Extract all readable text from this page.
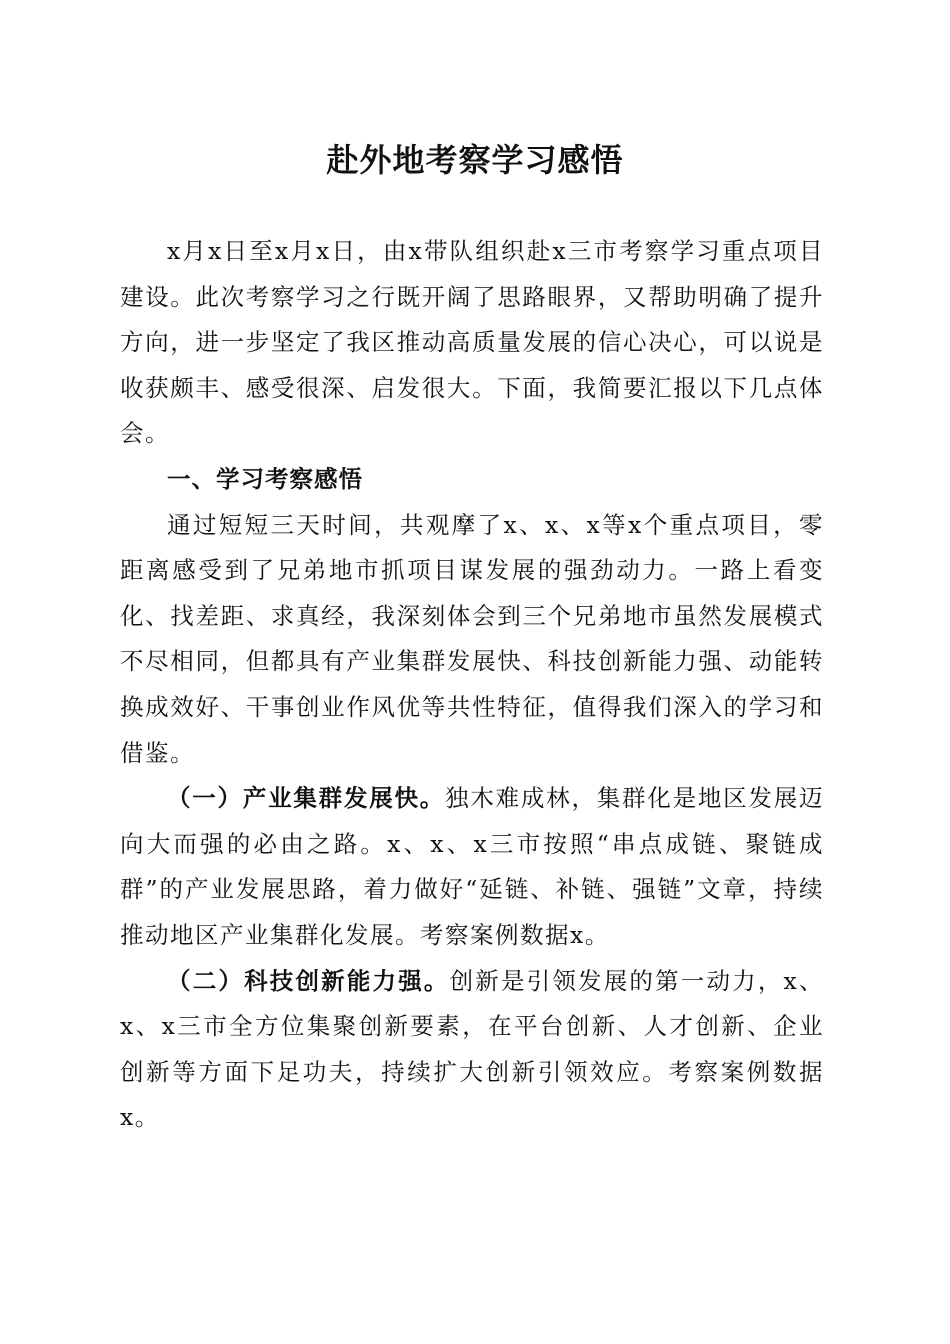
赴外地考察学习感悟

x月x日至x月x日，由x带队组织赴x三市考察学习重点项目建设。此次考察学习之行既开阔了思路眼界，又帮助明确了提升方向，进一步坚定了我区推动高质量发展的信心决心，可以说是收获颇丰、感受很深、启发很大。下面，我简要汇报以下几点体会。

一、学习考察感悟

通过短短三天时间，共观摩了x、x、x等x个重点项目，零距离感受到了兄弟地市抓项目谋发展的强劲动力。一路上看变化、找差距、求真经，我深刻体会到三个兄弟地市虽然发展模式不尽相同，但都具有产业集群发展快、科技创新能力强、动能转换成效好、干事创业作风优等共性特征，值得我们深入的学习和借鉴。

（一）产业集群发展快。独木难成林，集群化是地区发展迈向大而强的必由之路。x、x、x三市按照“串点成链、聚链成群”的产业发展思路，着力做好“延链、补链、强链”文章，持续推动地区产业集群化发展。考察案例数据x。

（二）科技创新能力强。创新是引领发展的第一动力，x、x、x三市全方位集聚创新要素，在平台创新、人才创新、企业创新等方面下足功夫，持续扩大创新引领效应。考察案例数据x。
